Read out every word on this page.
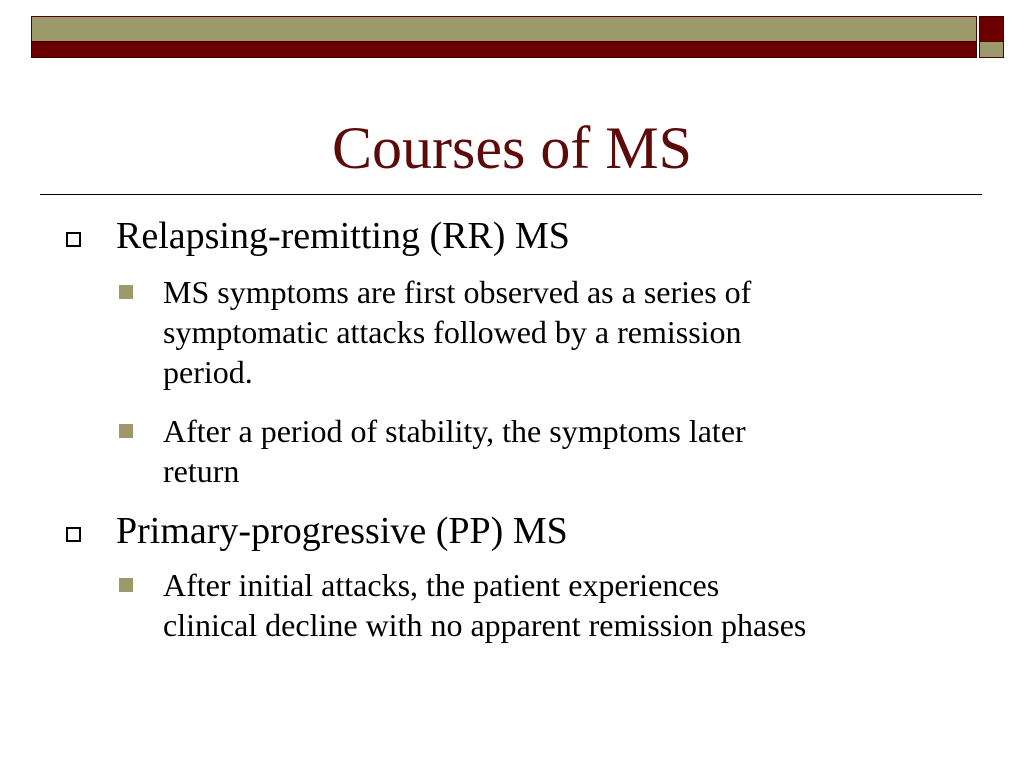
Courses of MS
Relapsing-remitting (RR) MS
MS symptoms are first observed as a series of
symptomatic attacks followed by a remission
period.
After a period of stability, the symptoms later
return
Primary-progressive (PP) MS
After initial attacks, the patient experiences
clinical decline with no apparent remission phases
